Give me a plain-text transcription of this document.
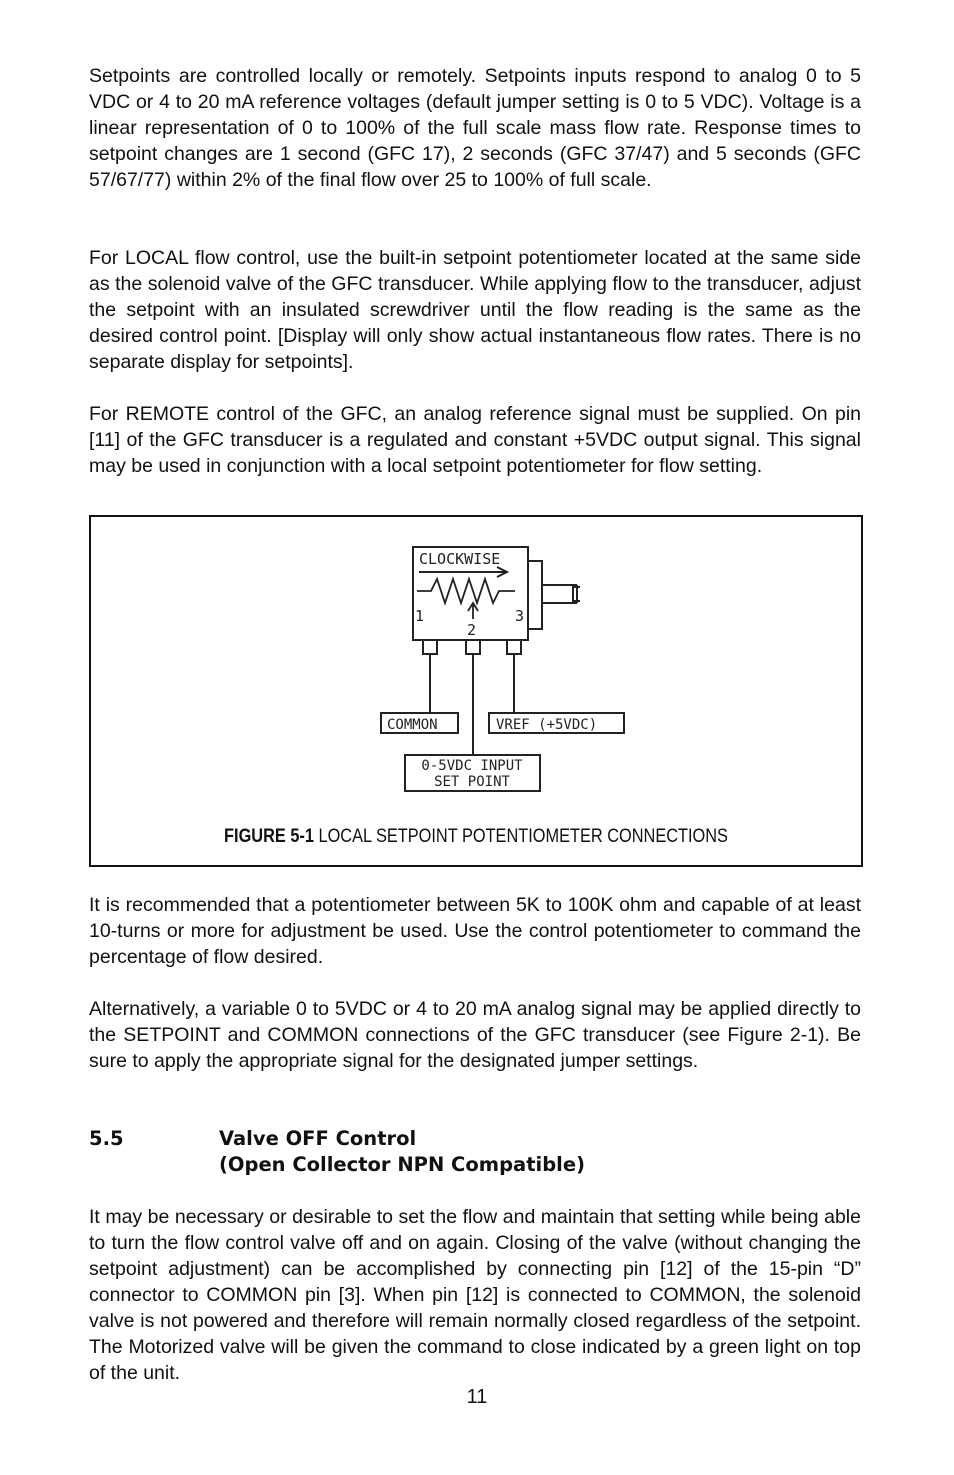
Setpoints are controlled locally or remotely. Setpoints inputs respond to analog 0 to 5 VDC or 4 to 20 mA reference voltages (default jumper setting is 0 to 5 VDC). Voltage is a linear representation of 0 to 100% of the full scale mass flow rate. Response times to setpoint changes are 1 second (GFC 17), 2 seconds (GFC 37/47) and 5 seconds (GFC 57/67/77) within 2% of the final flow over 25 to 100% of full scale.

For LOCAL flow control, use the built-in setpoint potentiometer located at the same side as the solenoid valve of the GFC transducer. While applying flow to the transducer, adjust the setpoint with an insulated screwdriver until the flow reading is the same as the desired control point. [Display will only show actual instantaneous flow rates. There is no separate display for setpoints].

For REMOTE control of the GFC, an analog reference signal must be supplied. On pin [11] of the GFC transducer is a regulated and constant +5VDC output signal. This signal may be used in conjunction with a local setpoint potentiometer for flow setting.

CLOCKWISE
1
2
3
COMMON	VREF (+5VDC)
0-5VDC INPUT
SET POINT
FIGURE 5-1 LOCAL SETPOINT POTENTIOMETER CONNECTIONS

It is recommended that a potentiometer between 5K to 100K ohm and capable of at least 10-turns or more for adjustment be used. Use the control potentiometer to command the percentage of flow desired.

Alternatively, a variable 0 to 5VDC or 4 to 20 mA analog signal may be applied directly to the SETPOINT and COMMON connections of the GFC transducer (see Figure 2-1). Be sure to apply the appropriate signal for the designated jumper settings.

5.5	Valve OFF Control
(Open Collector NPN Compatible)

It may be necessary or desirable to set the flow and maintain that setting while being able to turn the flow control valve off and on again. Closing of the valve (without changing the setpoint adjustment) can be accomplished by connecting pin [12] of the 15-pin “D” connector to COMMON pin [3]. When pin [12] is connected to COMMON, the solenoid valve is not powered and therefore will remain normally closed regardless of the setpoint. The Motorized valve will be given the command to close indicated by a green light on top of the unit.

11
